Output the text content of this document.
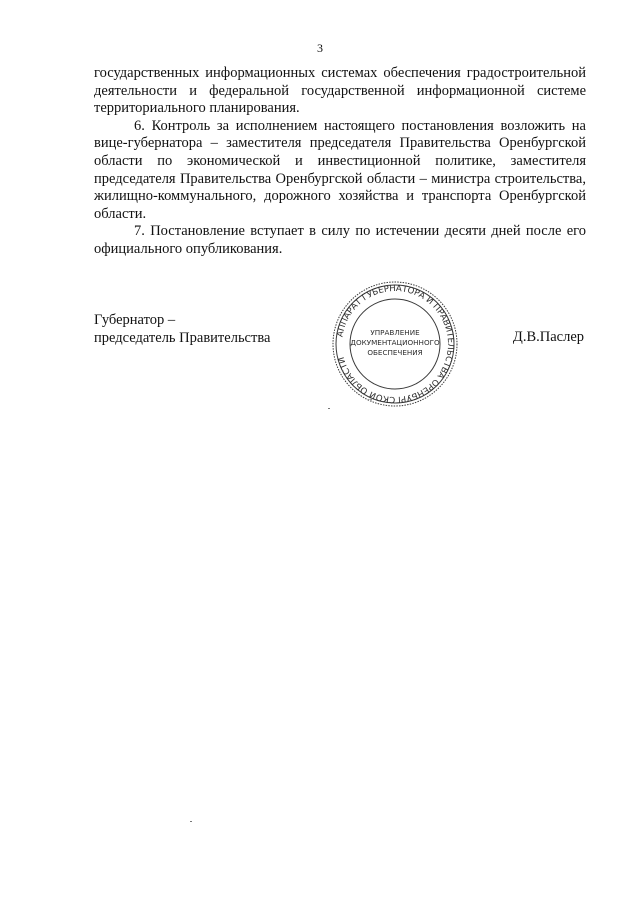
3

государственных информационных системах обеспечения градостроительной деятельности и федеральной государственной информационной системе территориального планирования.

6. Контроль за исполнением настоящего постановления возложить на вице-губернатора – заместителя председателя Правительства Оренбургской области по экономической и инвестиционной политике, заместителя председателя Правительства Оренбургской области – министра строительства, жилищно-коммунального, дорожного хозяйства и транспорта Оренбургской области.

7. Постановление вступает в силу по истечении десяти дней после его официального опубликования.

Губернатор –
председатель Правительства	АППАРАТ ГУБЕРНАТОРА И ПРАВИТЕЛЬСТВА ОРЕНБУРГСКОЙ ОБЛАСТИ
УПРАВЛЕНИЕ
ДОКУМЕНТАЦИОННОГО
ОБЕСПЕЧЕНИЯ
Д.В.Паслер
